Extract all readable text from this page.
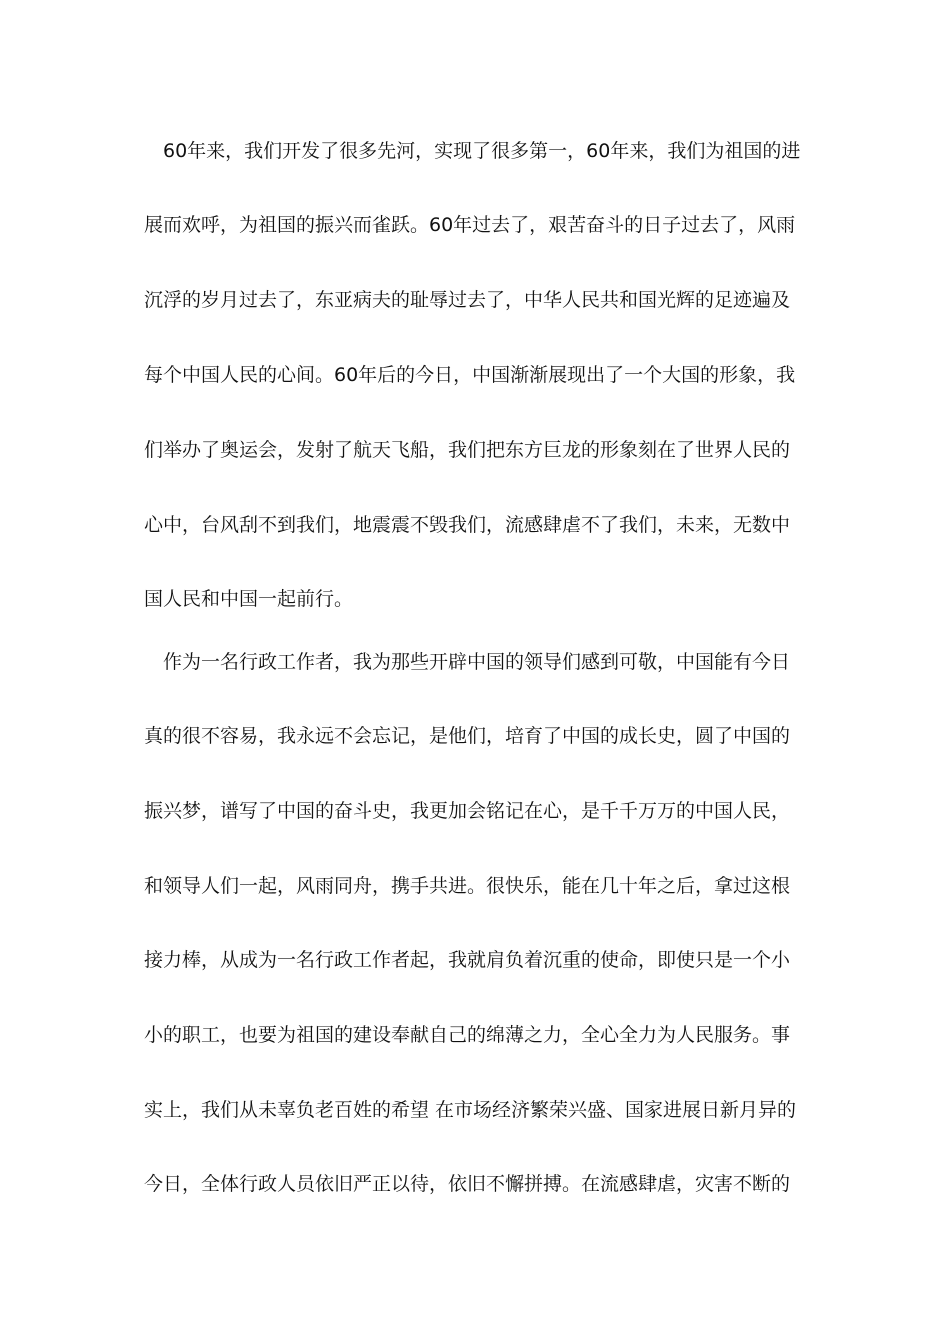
60年来，我们开发了很多先河，实现了很多第一，60年来，我们为祖国的进
展而欢呼，为祖国的振兴而雀跃。60年过去了，艰苦奋斗的日子过去了，风雨
沉浮的岁月过去了，东亚病夫的耻辱过去了，中华人民共和国光辉的足迹遍及
每个中国人民的心间。60年后的今日，中国渐渐展现出了一个大国的形象，我
们举办了奥运会，发射了航天飞船，我们把东方巨龙的形象刻在了世界人民的
心中，台风刮不到我们，地震震不毁我们，流感肆虐不了我们，未来，无数中
国人民和中国一起前行。
作为一名行政工作者，我为那些开辟中国的领导们感到可敬，中国能有今日
真的很不容易，我永远不会忘记，是他们，培育了中国的成长史，圆了中国的
振兴梦，谱写了中国的奋斗史，我更加会铭记在心，是千千万万的中国人民，
和领导人们一起，风雨同舟，携手共进。很快乐，能在几十年之后，拿过这根
接力棒，从成为一名行政工作者起，我就肩负着沉重的使命，即使只是一个小
小的职工，也要为祖国的建设奉献自己的绵薄之力，全心全力为人民服务。事
实上，我们从未辜负老百姓的希望 在市场经济繁荣兴盛、国家进展日新月异的
今日，全体行政人员依旧严正以待，依旧不懈拼搏。在流感肆虐，灾害不断的
